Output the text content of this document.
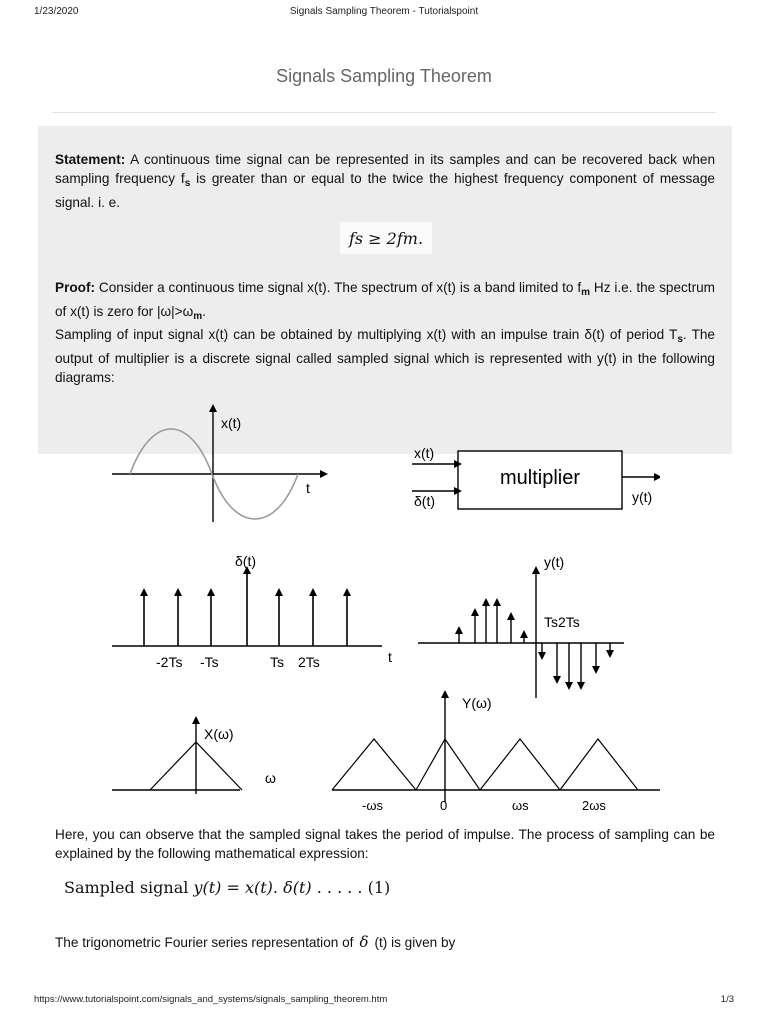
1/23/2020	Signals Sampling Theorem - Tutorialspoint
Signals Sampling Theorem

Statement: A continuous time signal can be represented in its samples and can be recovered back when sampling frequency $f_s$ is greater than or equal to the twice the highest frequency component of message signal. i. e.

fs ≥ 2fm.

Proof: Consider a continuous time signal x(t). The spectrum of x(t) is a band limited to $f_m$ Hz i.e. the spectrum of x(t) is zero for $|\omega|>\omega_m$.

Sampling of input signal x(t) can be obtained by multiplying x(t) with an impulse train δ(t) of period $T_s$. The output of multiplier is a discrete signal called sampled signal which is represented with y(t) in the following diagrams:

x(t)
t
x(t)
δ(t)
multiplier
y(t)
δ(t)
-2Ts -Ts	Ts 2Ts	t
y(t)
Ts2Ts
X(ω)
ω
Y(ω)
-ωs	0	ωs	2ωs

Here, you can observe that the sampled signal takes the period of impulse. The process of sampling can be explained by the following mathematical expression:

Sampled signal y(t) = x(t). δ(t) . . . . . (1)
The trigonometric Fourier series representation of δ (t) is given by
https://www.tutorialspoint.com/signals_and_systems/signals_sampling_theorem.htm	1/3
